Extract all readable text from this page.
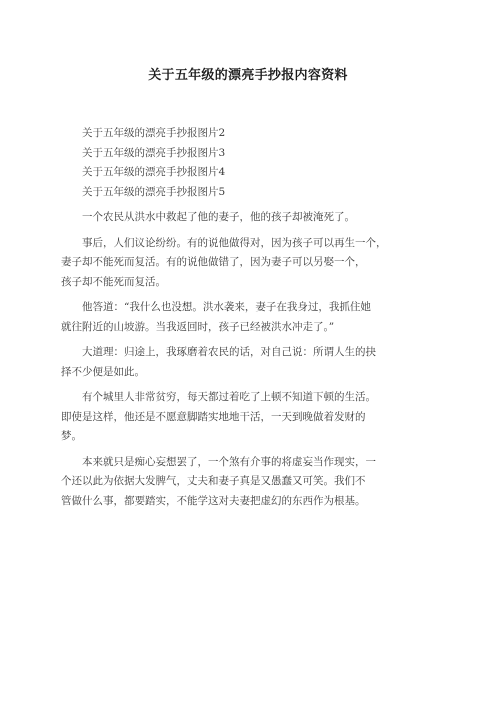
关于五年级的漂亮手抄报内容资料
关于五年级的漂亮手抄报图片2
关于五年级的漂亮手抄报图片3
关于五年级的漂亮手抄报图片4
关于五年级的漂亮手抄报图片5
一个农民从洪水中救起了他的妻子，他的孩子却被淹死了。
事后，人们议论纷纷。有的说他做得对，因为孩子可以再生一个，
妻子却不能死而复活。有的说他做错了，因为妻子可以另娶一个，
孩子却不能死而复活。
他答道：“我什么也没想。洪水袭来，妻子在我身过，我抓住她
就往附近的山坡游。当我返回时，孩子已经被洪水冲走了。”
大道理：归途上，我琢磨着农民的话，对自己说：所谓人生的抉
择不少便是如此。
有个城里人非常贫穷，每天都过着吃了上顿不知道下顿的生活。
即使是这样，他还是不愿意脚踏实地地干活，一天到晚做着发财的
梦。
本来就只是痴心妄想罢了，一个煞有介事的将虚妄当作现实，一
个还以此为依据大发脾气，丈夫和妻子真是又愚蠢又可笑。我们不
管做什么事，都要踏实，不能学这对夫妻把虚幻的东西作为根基。
